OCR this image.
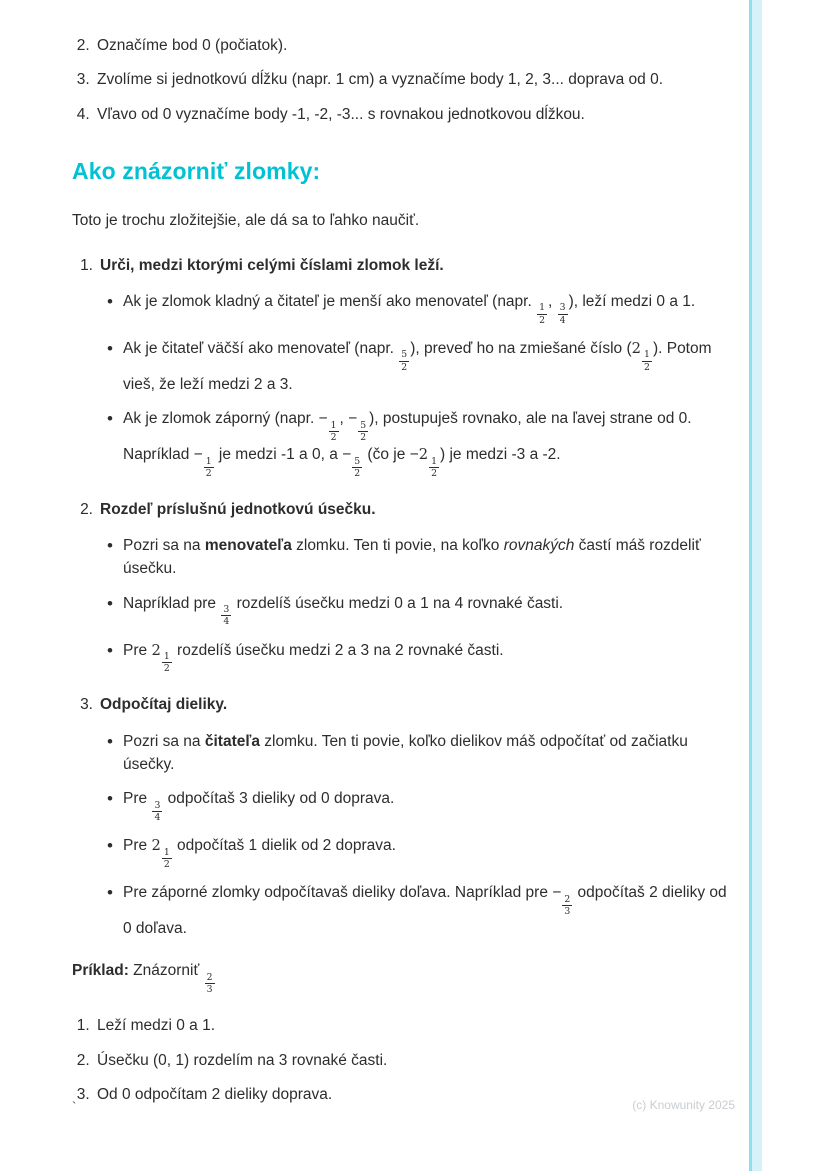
2. Označíme bod 0 (počiatok).
3. Zvolíme si jednotkovú dĺžku (napr. 1 cm) a vyznačíme body 1, 2, 3... doprava od 0.
4. Vľavo od 0 vyznačíme body -1, -2, -3... s rovnakou jednotkovou dĺžkou.
Ako znázorniť zlomky:

Toto je trochu zložitejšie, ale dá sa to ľahko naučiť.

1. Urči, medzi ktorými celými číslami zlomok leží.
• Ak je zlomok kladný a čitateľ je menší ako menovateľ (napr.
$\frac{1}{2}$
,
$\frac{3}{4}$
), leží medzi 0 a 1.
• Ak je čitateľ väčší ako menovateľ (napr.
$\frac{5}{2}$
), preveď ho na zmiešané číslo (2
$\frac{1}{2}$
). Potom vieš, že leží medzi 2 a 3.
• Ak je zlomok záporný (napr. −
$\frac{1}{2}$
, −
$\frac{5}{2}$
), postupuješ rovnako, ale na ľavej strane od 0. Napríklad −
$\frac{1}{2}$
je medzi -1 a 0, a −
$\frac{5}{2}$
(čo je −2
$\frac{1}{2}$
) je medzi -3 a -2.
2. Rozdeľ príslušnú jednotkovú úsečku.
• Pozri sa na menovateľa zlomku. Ten ti povie, na koľko rovnakých častí máš rozdeliť úsečku.
• Napríklad pre
$\frac{3}{4}$
rozdelíš úsečku medzi 0 a 1 na 4 rovnaké časti.
• Pre 2
$\frac{1}{2}$
rozdelíš úsečku medzi 2 a 3 na 2 rovnaké časti.
3. Odpočítaj dieliky.
• Pozri sa na čitateľa zlomku. Ten ti povie, koľko dielikov máš odpočítať od začiatku úsečky.
• Pre
$\frac{3}{4}$
odpočítaš 3 dieliky od 0 doprava.
• Pre 2
$\frac{1}{2}$
odpočítaš 1 dielik od 2 doprava.
• Pre záporné zlomky odpočítavaš dieliky doľava. Napríklad pre −
$\frac{2}{3}$
odpočítaš 2 dieliky od 0 doľava.

Príklad: Znázorniť
$\frac{2}{3}$

1. Leží medzi 0 a 1.
2. Úsečku (0, 1) rozdelím na 3 rovnaké časti.
3. Od 0 odpočítam 2 dieliky doprava.
`	(c) Knowunity 2025
